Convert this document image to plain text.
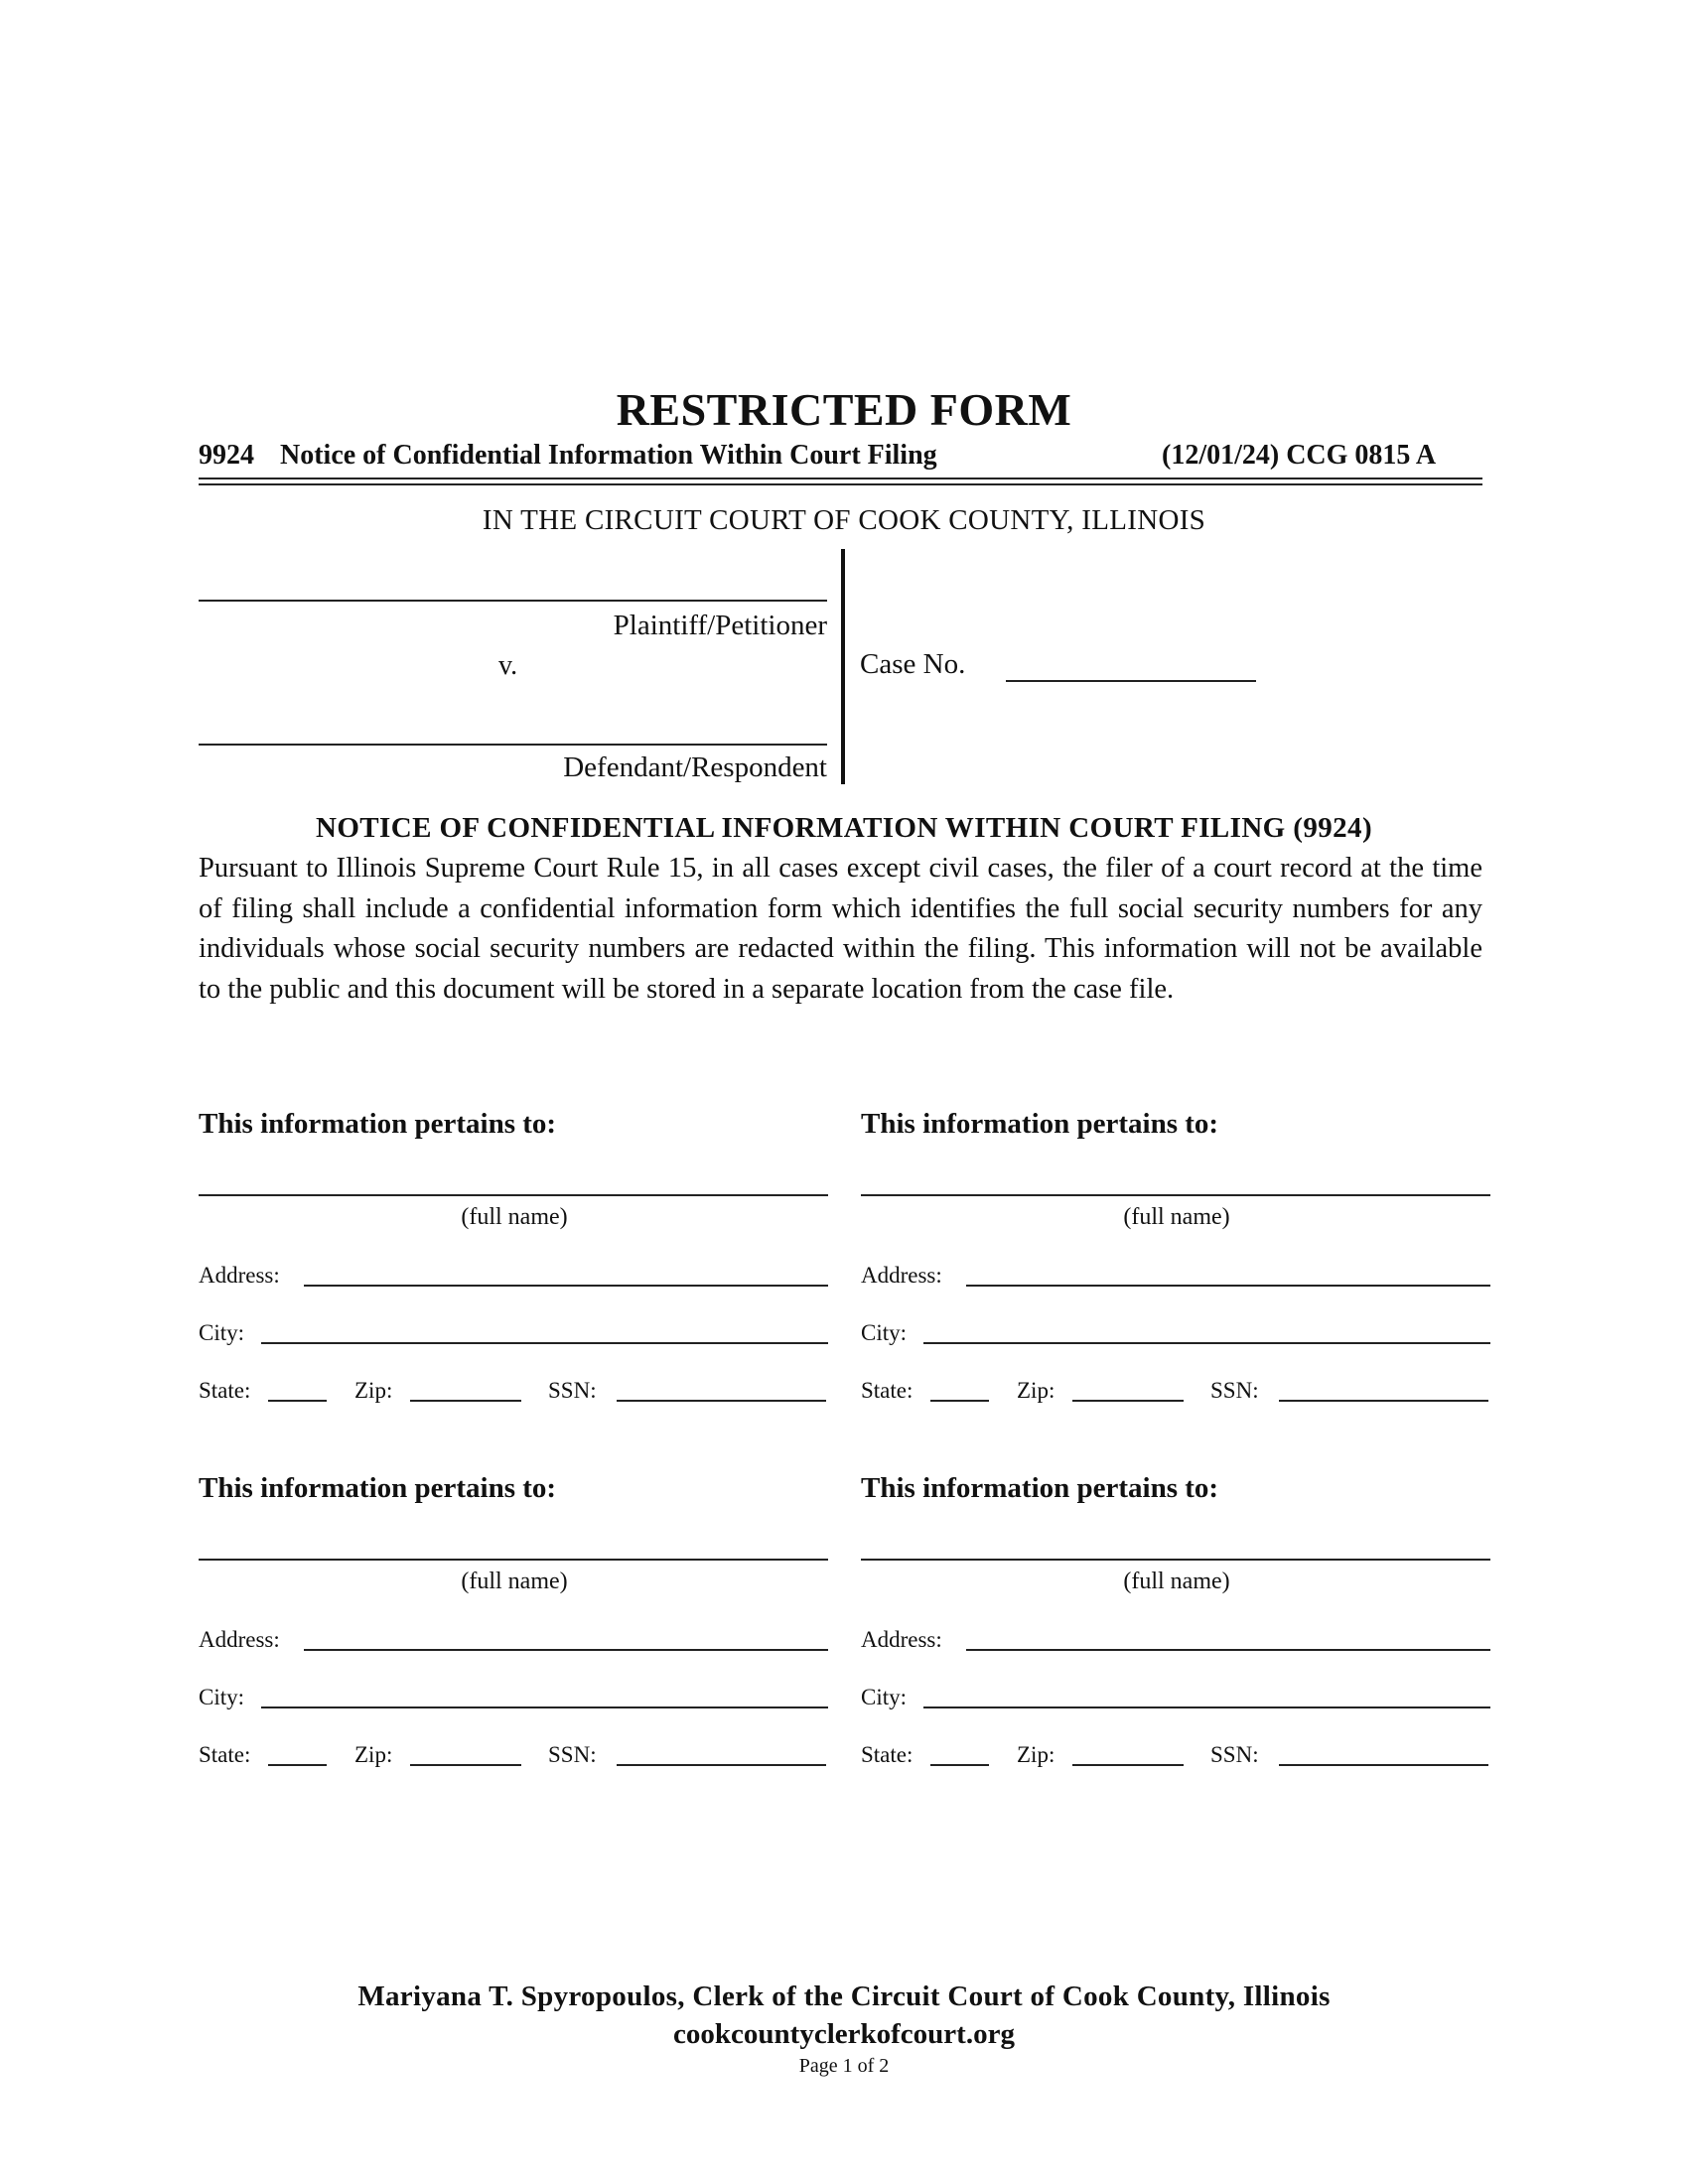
RESTRICTED FORM
9924 Notice of Confidential Information Within Court Filing	(12/01/24) CCG 0815 A
IN THE CIRCUIT COURT OF COOK COUNTY, ILLINOIS
Plaintiff/Petitioner
v.
Defendant/Respondent
Case No.
NOTICE OF CONFIDENTIAL INFORMATION WITHIN COURT FILING (9924)
Pursuant to Illinois Supreme Court Rule 15, in all cases except civil cases, the filer of a court record at the time of filing shall include a confidential information form which identifies the full social security numbers for any individuals whose social security numbers are redacted within the filing. This information will not be available to the public and this document will be stored in a separate location from the case file.
This information pertains to:
(full name)
Address:
City:
State:	Zip:	SSN:
This information pertains to:
(full name)
Address:
City:
State:	Zip:	SSN:
This information pertains to:
(full name)
Address:
City:
State:	Zip:	SSN:
This information pertains to:
(full name)
Address:
City:
State:	Zip:	SSN:
Mariyana T. Spyropoulos, Clerk of the Circuit Court of Cook County, Illinois
cookcountyclerkofcourt.org
Page 1 of 2
